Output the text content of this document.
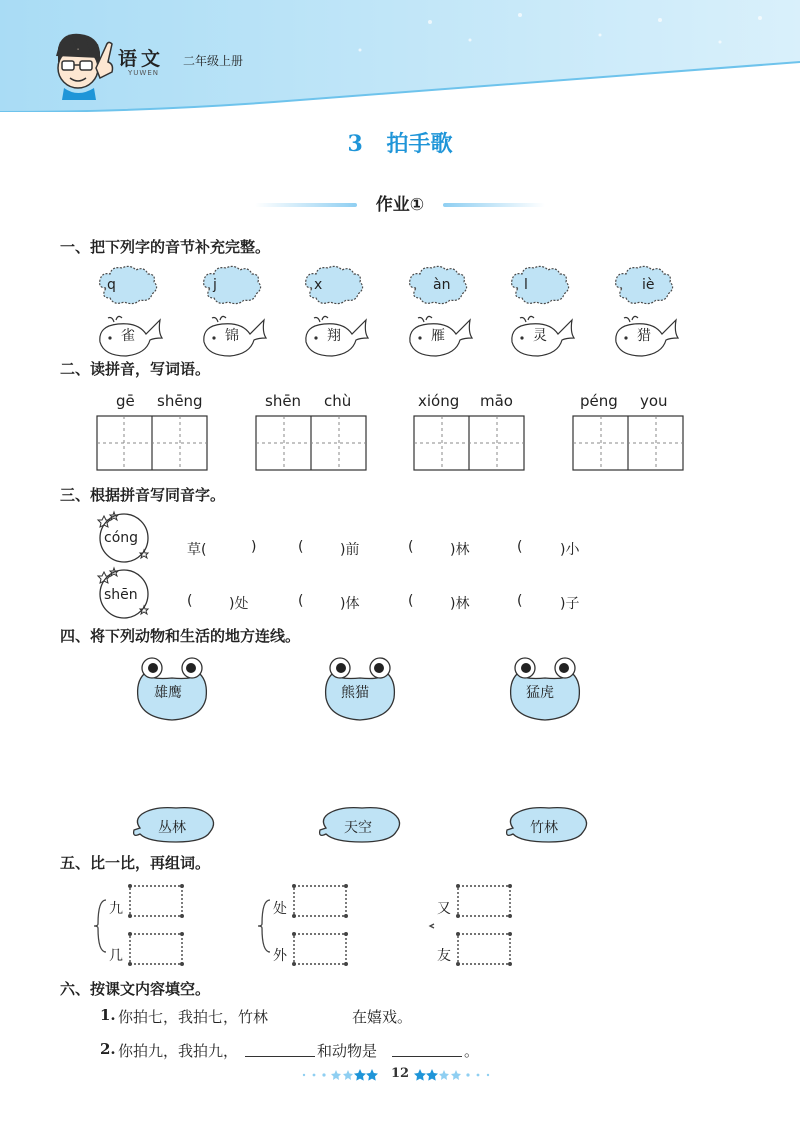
语文
YUWEN
二年级上册
3 拍手歌
作业①
一、把下列字的音节补充完整。
q	j	x	àn	l	iè
雀	锦	翔	雁	灵	猎
二、读拼音，写词语。
gē shēng	shēn chù	xióng māo	péng you
三、根据拼音写同音字。
cóng
shēn
草(	)	(	)前	(	)林	(	)小
(	)处	(	)体	(	)林	(	)子
四、将下列动物和生活的地方连线。
雄鹰	熊猫	猛虎
丛林	天空	竹林
五、比一比，再组词。
九
几
处
外
又
友
六、按课文内容填空。
1. 你拍七，我拍七，竹林	在嬉戏。
2. 你拍九，我拍九，	和动物是	。
12
